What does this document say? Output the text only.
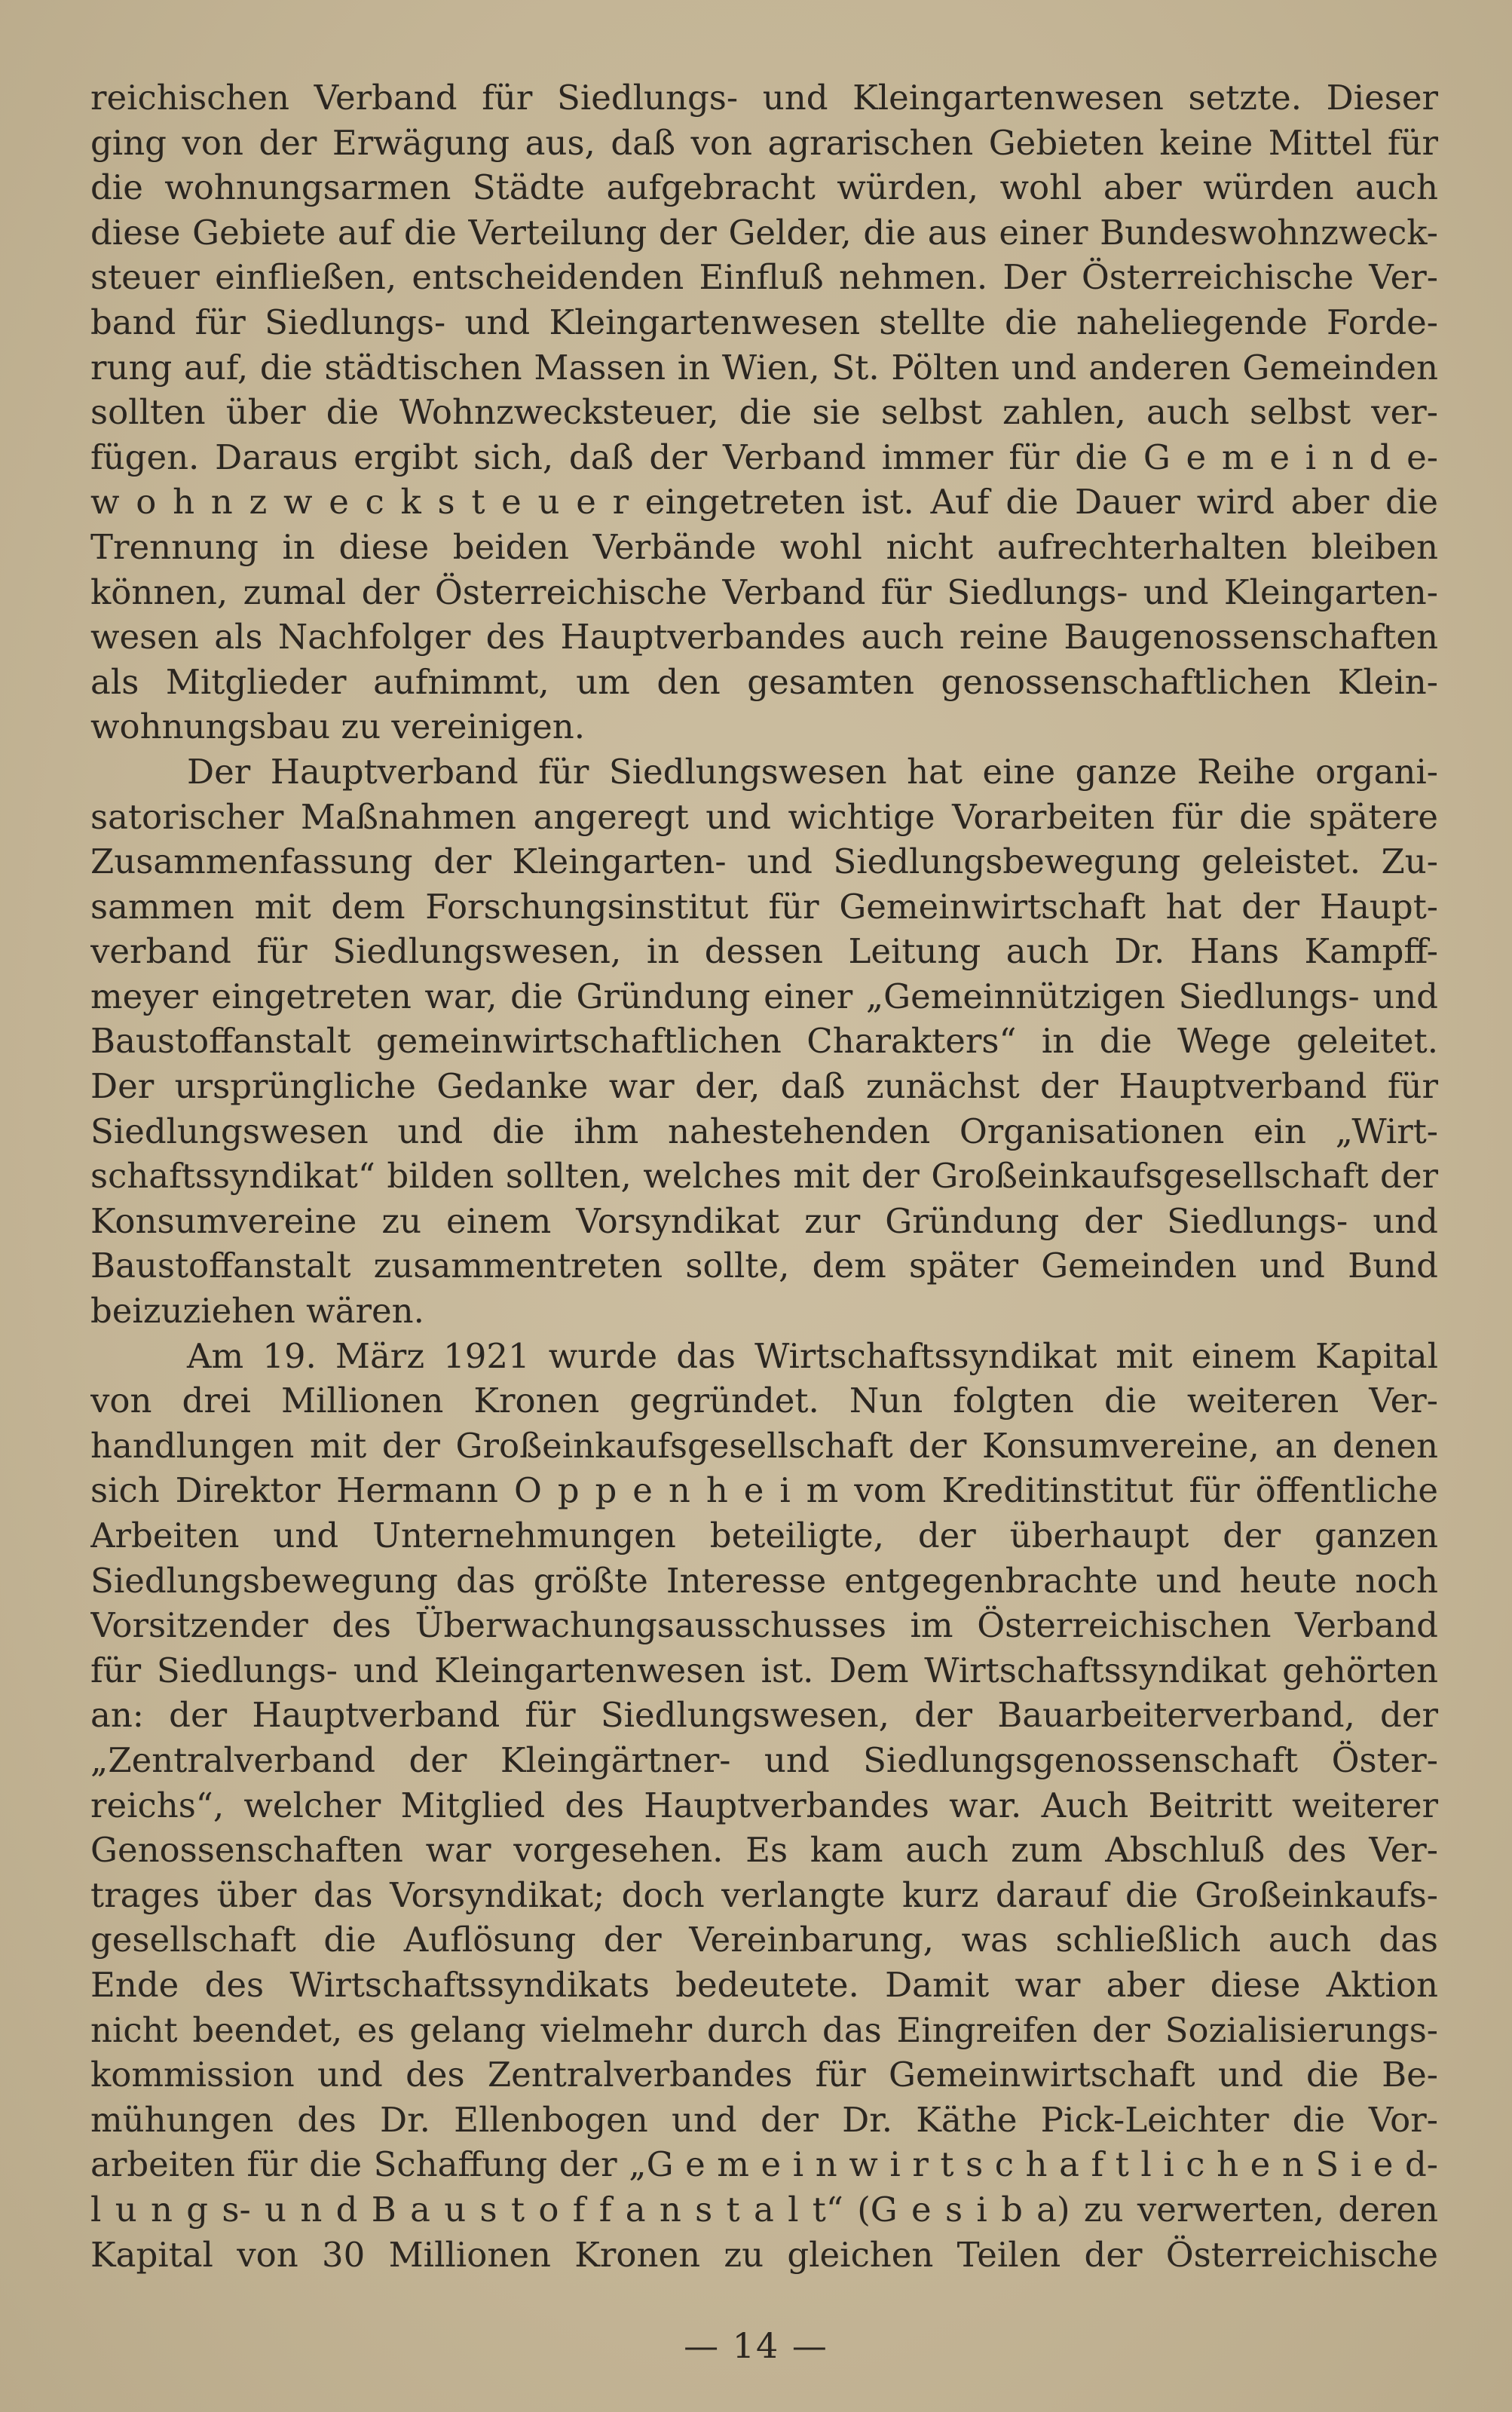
reichischen Verband für Siedlungs- und Kleingartenwesen setzte. Dieser
ging von der Erwägung aus, daß von agrarischen Gebieten keine Mittel für
die wohnungsarmen Städte aufgebracht würden, wohl aber würden auch
diese Gebiete auf die Verteilung der Gelder, die aus einer Bundeswohnzweck-
steuer einfließen, entscheidenden Einfluß nehmen. Der Österreichische Ver-
band für Siedlungs- und Kleingartenwesen stellte die naheliegende Forde-
rung auf, die städtischen Massen in Wien, St. Pölten und anderen Gemeinden
sollten über die Wohnzwecksteuer, die sie selbst zahlen, auch selbst ver-
fügen. Daraus ergibt sich, daß der Verband immer für die G e m e i n d e-
w o h n z w e c k s t e u e r eingetreten ist. Auf die Dauer wird aber die
Trennung in diese beiden Verbände wohl nicht aufrechterhalten bleiben
können, zumal der Österreichische Verband für Siedlungs- und Kleingarten-
wesen als Nachfolger des Hauptverbandes auch reine Baugenossenschaften
als Mitglieder aufnimmt, um den gesamten genossenschaftlichen Klein-
wohnungsbau zu vereinigen.
Der Hauptverband für Siedlungswesen hat eine ganze Reihe organi-
satorischer Maßnahmen angeregt und wichtige Vorarbeiten für die spätere
Zusammenfassung der Kleingarten- und Siedlungsbewegung geleistet. Zu-
sammen mit dem Forschungsinstitut für Gemeinwirtschaft hat der Haupt-
verband für Siedlungswesen, in dessen Leitung auch Dr. Hans Kampff-
meyer eingetreten war, die Gründung einer „Gemeinnützigen Siedlungs- und
Baustoffanstalt gemeinwirtschaftlichen Charakters“ in die Wege geleitet.
Der ursprüngliche Gedanke war der, daß zunächst der Hauptverband für
Siedlungswesen und die ihm nahestehenden Organisationen ein „Wirt-
schaftssyndikat“ bilden sollten, welches mit der Großeinkaufsgesellschaft der
Konsumvereine zu einem Vorsyndikat zur Gründung der Siedlungs- und
Baustoffanstalt zusammentreten sollte, dem später Gemeinden und Bund
beizuziehen wären.
Am 19. März 1921 wurde das Wirtschaftssyndikat mit einem Kapital
von drei Millionen Kronen gegründet. Nun folgten die weiteren Ver-
handlungen mit der Großeinkaufsgesellschaft der Konsumvereine, an denen
sich Direktor Hermann O p p e n h e i m vom Kreditinstitut für öffentliche
Arbeiten und Unternehmungen beteiligte, der überhaupt der ganzen
Siedlungsbewegung das größte Interesse entgegenbrachte und heute noch
Vorsitzender des Überwachungsausschusses im Österreichischen Verband
für Siedlungs- und Kleingartenwesen ist. Dem Wirtschaftssyndikat gehörten
an: der Hauptverband für Siedlungswesen, der Bauarbeiterverband, der
„Zentralverband der Kleingärtner- und Siedlungsgenossenschaft Öster-
reichs“, welcher Mitglied des Hauptverbandes war. Auch Beitritt weiterer
Genossenschaften war vorgesehen. Es kam auch zum Abschluß des Ver-
trages über das Vorsyndikat; doch verlangte kurz darauf die Großeinkaufs-
gesellschaft die Auflösung der Vereinbarung, was schließlich auch das
Ende des Wirtschaftssyndikats bedeutete. Damit war aber diese Aktion
nicht beendet, es gelang vielmehr durch das Eingreifen der Sozialisierungs-
kommission und des Zentralverbandes für Gemeinwirtschaft und die Be-
mühungen des Dr. Ellenbogen und der Dr. Käthe Pick-Leichter die Vor-
arbeiten für die Schaffung der „G e m e i n w i r t s c h a f t l i c h e n S i e d-
l u n g s- u n d B a u s t o f f a n s t a l t“ (G e s i b a) zu verwerten, deren
Kapital von 30 Millionen Kronen zu gleichen Teilen der Österreichische
— 14 —
